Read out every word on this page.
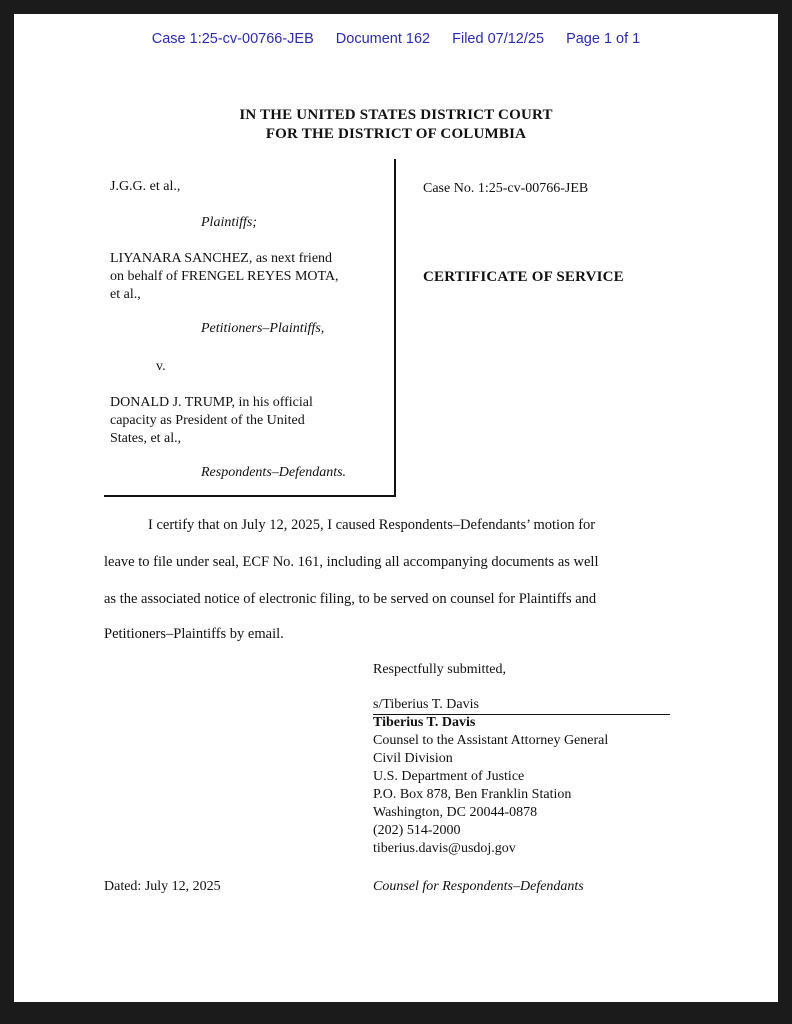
Case 1:25-cv-00766-JEB Document 162 Filed 07/12/25 Page 1 of 1
IN THE UNITED STATES DISTRICT COURT
FOR THE DISTRICT OF COLUMBIA
J.G.G. et al.,
Plaintiffs;
LIYANARA SANCHEZ, as next friend
on behalf of FRENGEL REYES MOTA,
et al.,
Petitioners–Plaintiffs,
v.
DONALD J. TRUMP, in his official
capacity as President of the United
States, et al.,
Respondents–Defendants.
Case No. 1:25-cv-00766-JEB
CERTIFICATE OF SERVICE
I certify that on July 12, 2025, I caused Respondents–Defendants’ motion for
leave to file under seal, ECF No. 161, including all accompanying documents as well
as the associated notice of electronic filing, to be served on counsel for Plaintiffs and
Petitioners–Plaintiffs by email.
Respectfully submitted,
s/Tiberius T. Davis
Tiberius T. Davis
Counsel to the Assistant Attorney General
Civil Division
U.S. Department of Justice
P.O. Box 878, Ben Franklin Station
Washington, DC 20044-0878
(202) 514-2000
tiberius.davis@usdoj.gov
Dated: July 12, 2025	Counsel for Respondents–Defendants
